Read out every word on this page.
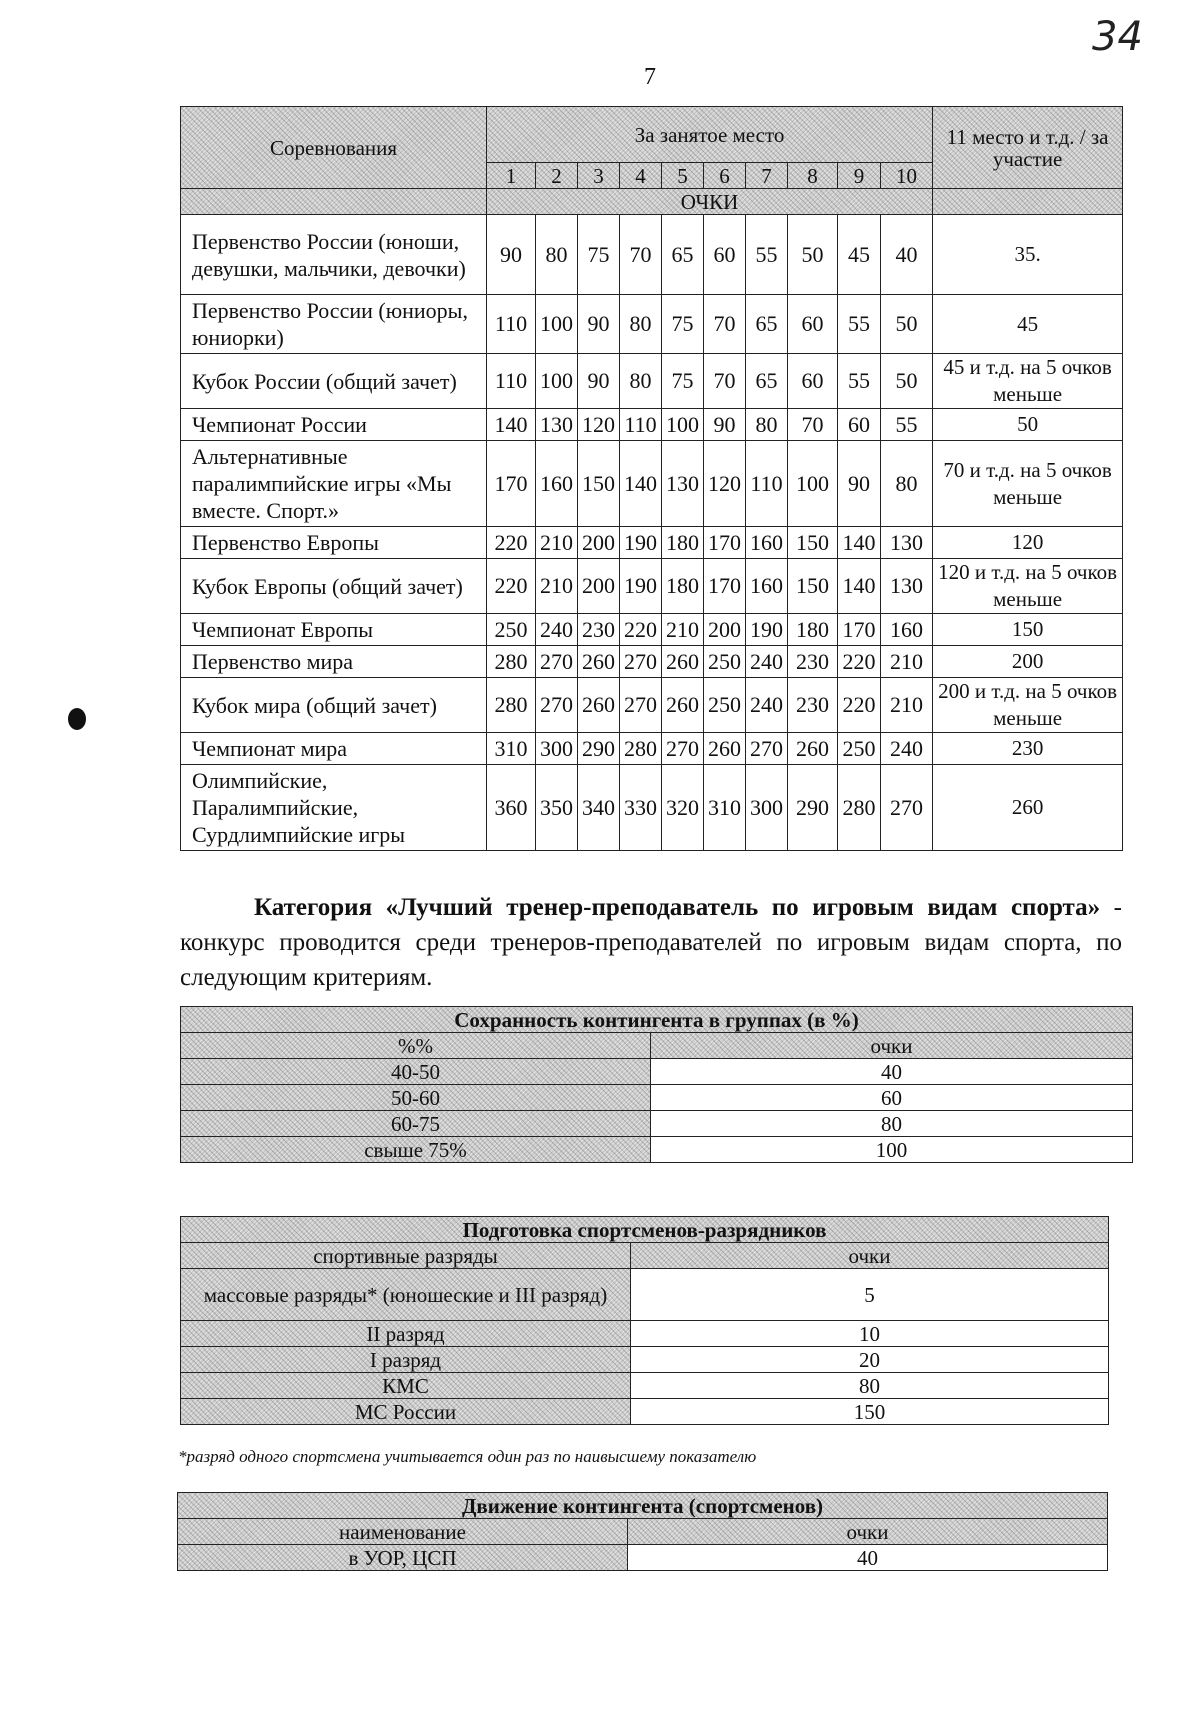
34
7
Соревнования	За занятое место										11 место и т.д. / за участие
	1	2	3	4	5	6	7	8	9	10	
	ОЧКИ										
Первенство России (юноши, девушки, мальчики, девочки)	90	80	75	70	65	60	55	50	45	40	35.
Первенство России (юниоры, юниорки)	110	100	90	80	75	70	65	60	55	50	45
Кубок России (общий зачет)	110	100	90	80	75	70	65	60	55	50	45 и т.д. на 5 очков меньше
Чемпионат России	140	130	120	110	100	90	80	70	60	55	50
Альтернативные паралимпийские игры «Мы вместе. Спорт.»	170	160	150	140	130	120	110	100	90	80	70 и т.д. на 5 очков меньше
Первенство Европы	220	210	200	190	180	170	160	150	140	130	120
Кубок Европы (общий зачет)	220	210	200	190	180	170	160	150	140	130	120 и т.д. на 5 очков меньше
Чемпионат Европы	250	240	230	220	210	200	190	180	170	160	150
Первенство мира	280	270	260	270	260	250	240	230	220	210	200
Кубок мира (общий зачет)	280	270	260	270	260	250	240	230	220	210	200 и т.д. на 5 очков меньше
Чемпионат мира	310	300	290	280	270	260	270	260	250	240	230
Олимпийские, Паралимпийские, Сурдлимпийские игры	360	350	340	330	320	310	300	290	280	270	260
Категория «Лучший тренер-преподаватель по игровым видам спорта» - конкурс проводится среди тренеров-преподавателей по игровым видам спорта, по следующим критериям.
Сохранность контингента в группах (в %)	
%%	очки
40-50	40
50-60	60
60-75	80
свыше 75%	100
Подготовка спортсменов-разрядников	
спортивные разряды	очки
массовые разряды* (юношеские и III разряд)	5
II разряд	10
I разряд	20
КМС	80
МС России	150
*разряд одного спортсмена учитывается один раз по наивысшему показателю
Движение контингента (спортсменов)	
наименование	очки
в УОР, ЦСП	40
